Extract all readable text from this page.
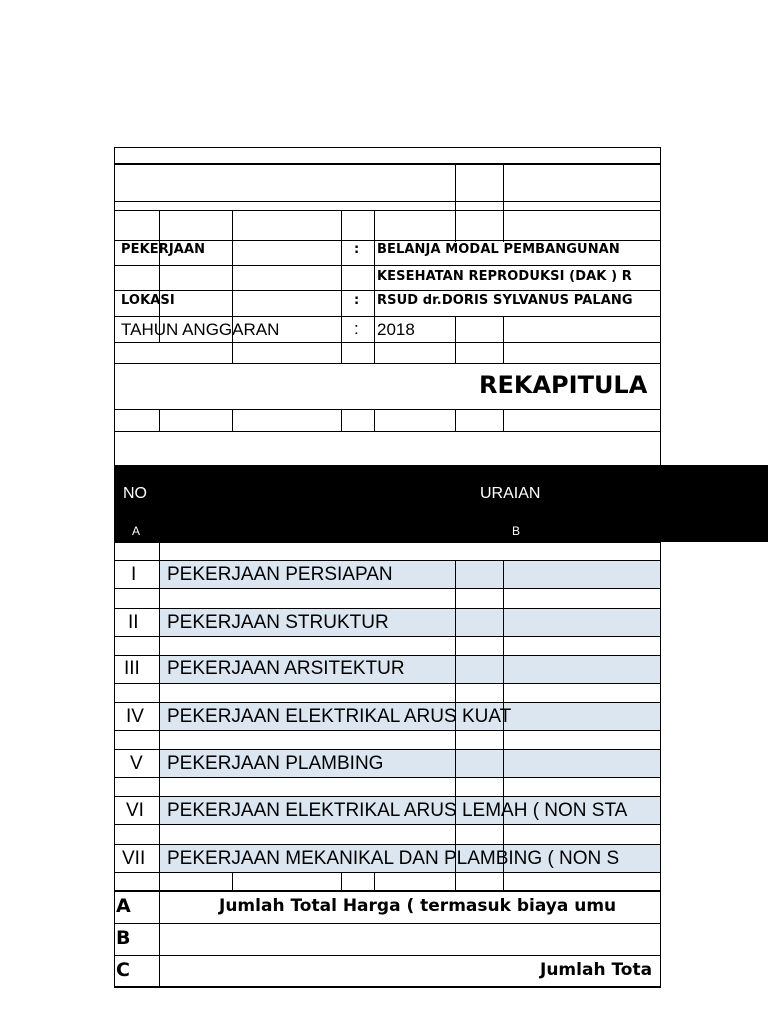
PEKERJAAN	: BELANJA MODAL PEMBANGUNAN
KESEHATAN REPRODUKSI (DAK ) R
LOKASI	: RSUD dr.DORIS SYLVANUS PALANG
TAHUN ANGGARAN	: 2018
REKAPITULA
NO	URAIAN
A	B
I PEKERJAAN PERSIAPAN
II PEKERJAAN STRUKTUR
III PEKERJAAN ARSITEKTUR
IV PEKERJAAN ELEKTRIKAL ARUS KUAT
V PEKERJAAN PLAMBING
VI PEKERJAAN ELEKTRIKAL ARUS LEMAH ( NON STA
VII PEKERJAAN MEKANIKAL DAN PLAMBING ( NON S
A	Jumlah Total Harga ( termasuk biaya umu
B
C	Jumlah Tota
